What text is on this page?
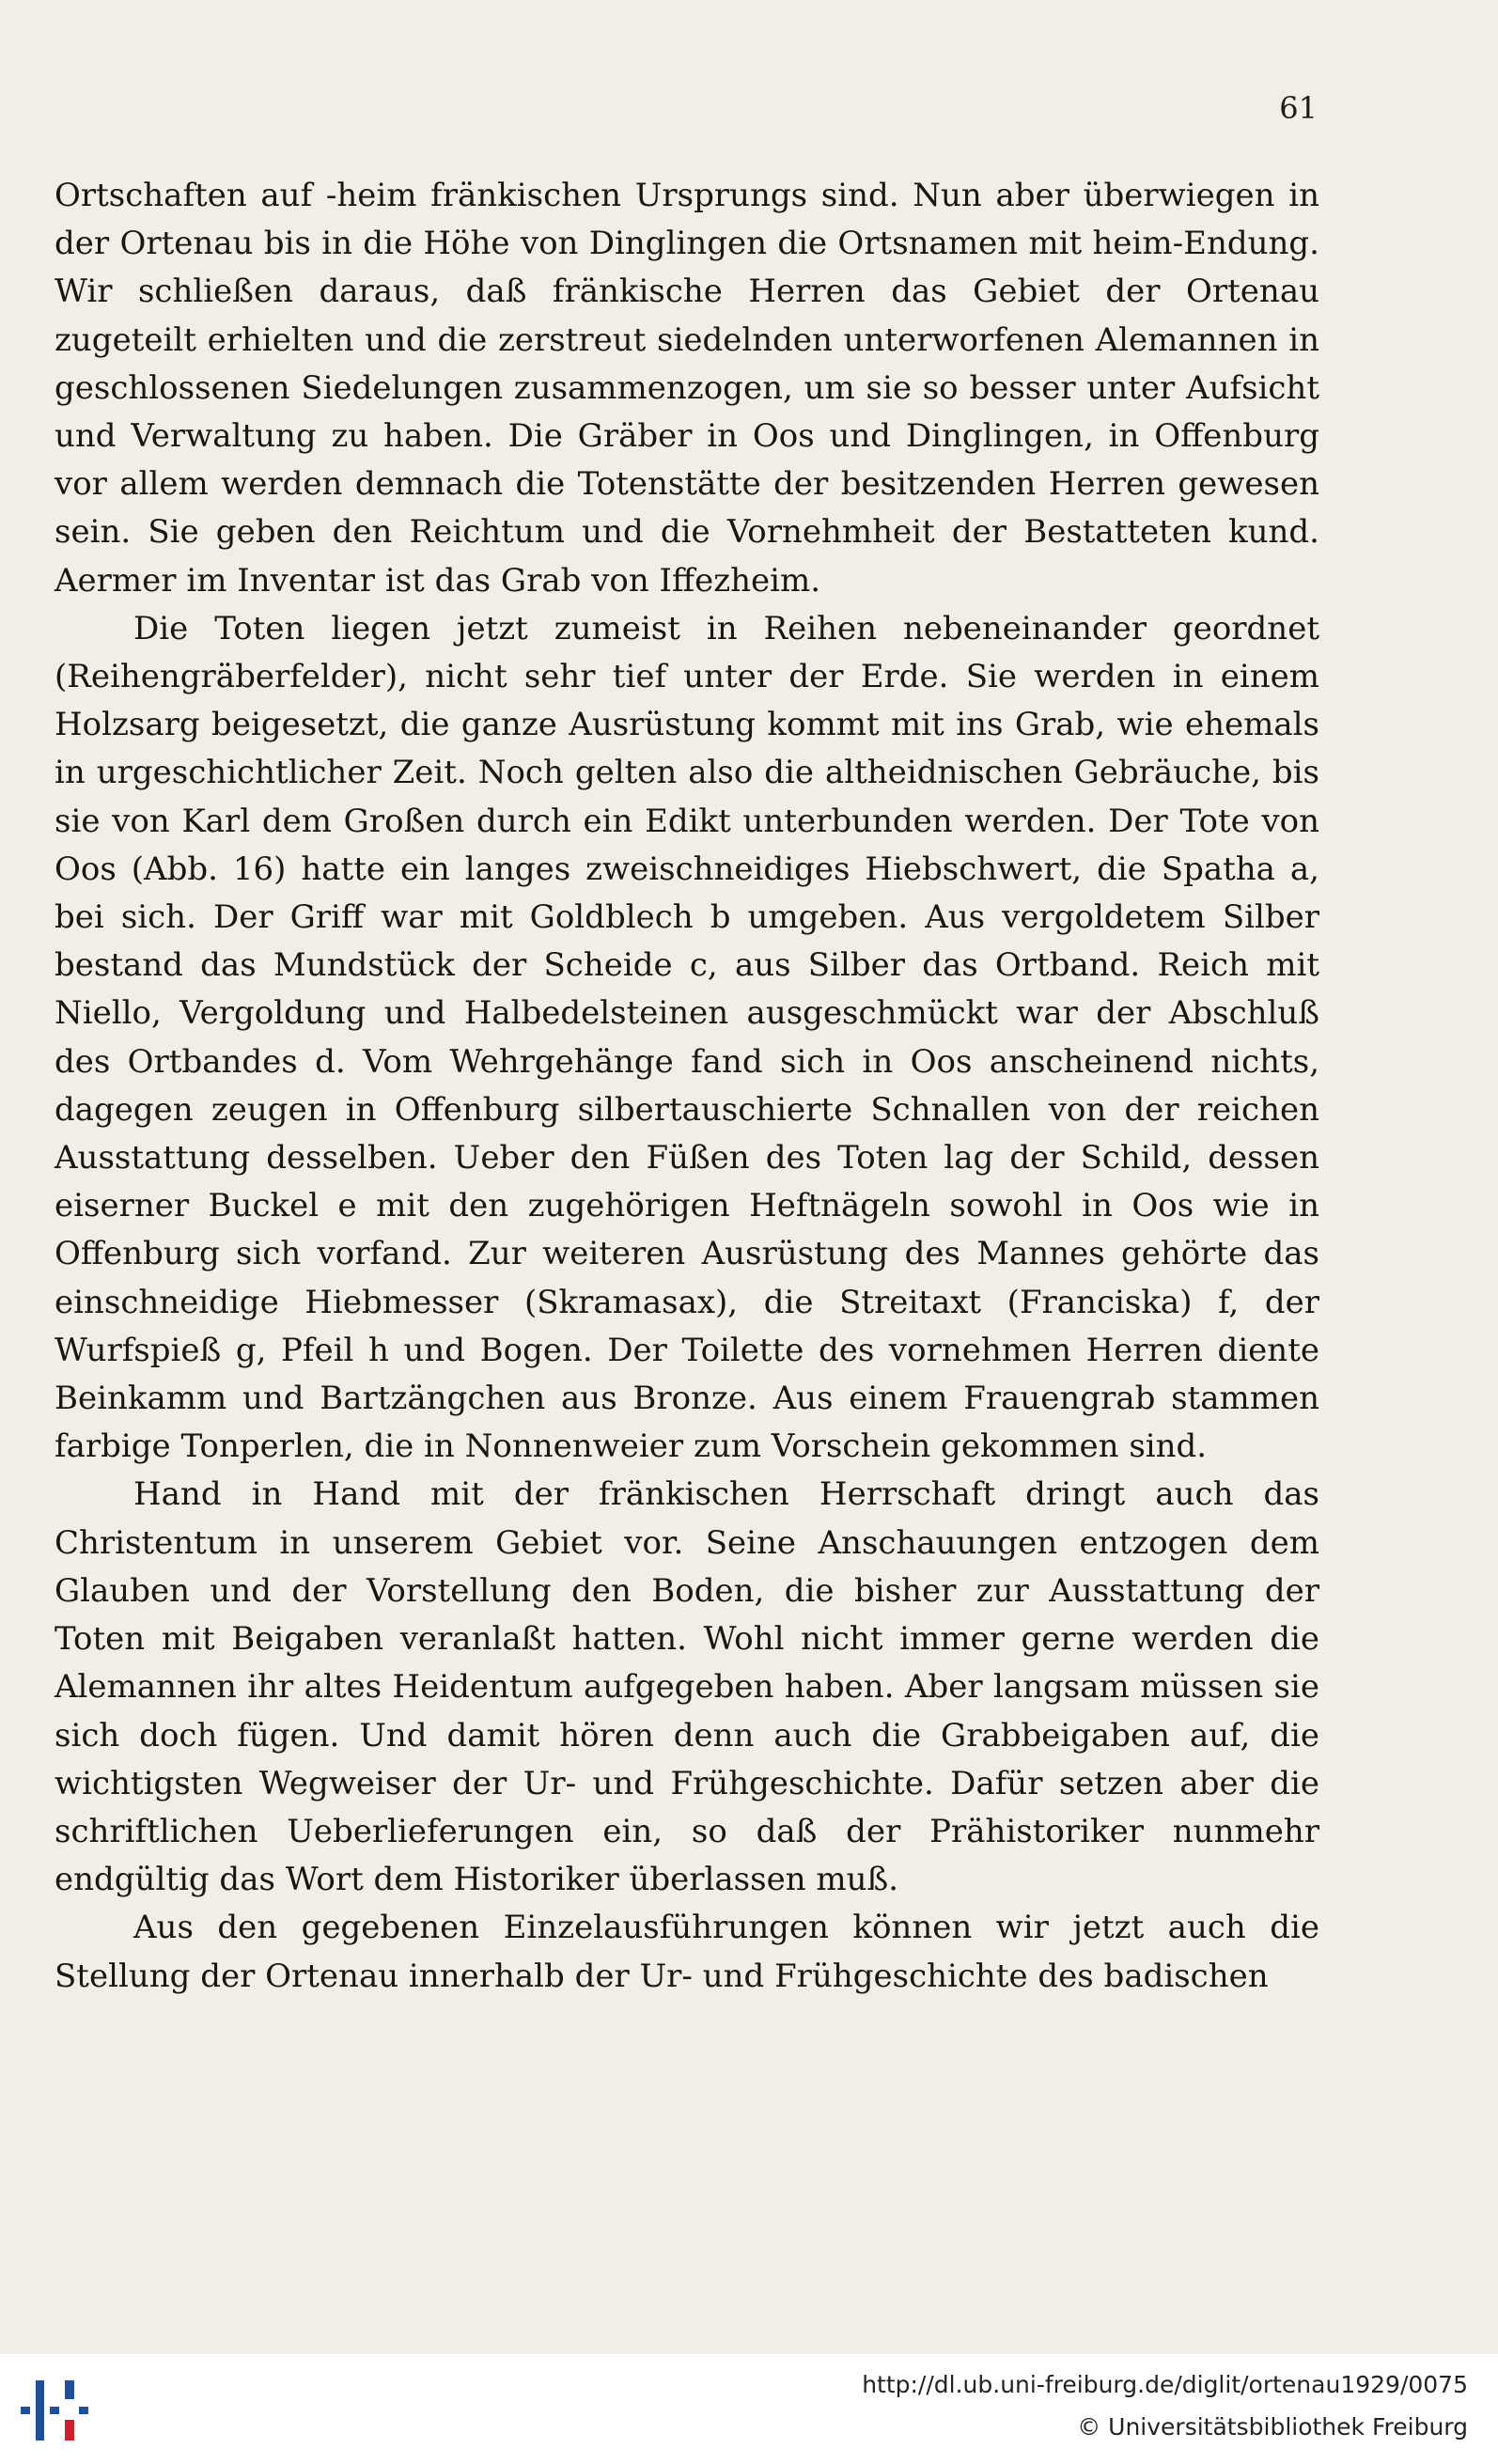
61

Ortschaften auf -heim fränkischen Ursprungs sind. Nun aber überwiegen in der Ortenau bis in die Höhe von Dinglingen die Ortsnamen mit heim-Endung. Wir schließen daraus, daß fränkische Herren das Gebiet der Ortenau zugeteilt erhielten und die zerstreut siedelnden unterworfenen Alemannen in geschlossenen Siedelungen zusammenzogen, um sie so besser unter Aufsicht und Verwaltung zu haben. Die Gräber in Oos und Dinglingen, in Offenburg vor allem werden demnach die Totenstätte der besitzenden Herren gewesen sein. Sie geben den Reichtum und die Vornehmheit der Bestatteten kund. Aermer im Inventar ist das Grab von Iffezheim.

Die Toten liegen jetzt zumeist in Reihen nebeneinander geordnet (Reihengräberfelder), nicht sehr tief unter der Erde. Sie werden in einem Holzsarg beigesetzt, die ganze Ausrüstung kommt mit ins Grab, wie ehemals in urgeschichtlicher Zeit. Noch gelten also die altheidnischen Gebräuche, bis sie von Karl dem Großen durch ein Edikt unterbunden werden. Der Tote von Oos (Abb. 16) hatte ein langes zweischneidiges Hiebschwert, die Spatha a, bei sich. Der Griff war mit Goldblech b umgeben. Aus vergoldetem Silber bestand das Mundstück der Scheide c, aus Silber das Ortband. Reich mit Niello, Vergoldung und Halbedelsteinen ausgeschmückt war der Abschluß des Ortbandes d. Vom Wehrgehänge fand sich in Oos anscheinend nichts, dagegen zeugen in Offenburg silbertauschierte Schnallen von der reichen Ausstattung desselben. Ueber den Füßen des Toten lag der Schild, dessen eiserner Buckel e mit den zugehörigen Heftnägeln sowohl in Oos wie in Offenburg sich vorfand. Zur weiteren Ausrüstung des Mannes gehörte das einschneidige Hiebmesser (Skramasax), die Streitaxt (Franciska) f, der Wurfspieß g, Pfeil h und Bogen. Der Toilette des vornehmen Herren diente Beinkamm und Bartzängchen aus Bronze. Aus einem Frauengrab stammen farbige Tonperlen, die in Nonnenweier zum Vorschein gekommen sind.

Hand in Hand mit der fränkischen Herrschaft dringt auch das Christentum in unserem Gebiet vor. Seine Anschauungen entzogen dem Glauben und der Vorstellung den Boden, die bisher zur Ausstattung der Toten mit Beigaben veranlaßt hatten. Wohl nicht immer gerne werden die Alemannen ihr altes Heidentum aufgegeben haben. Aber langsam müssen sie sich doch fügen. Und damit hören denn auch die Grabbeigaben auf, die wichtigsten Wegweiser der Ur- und Frühgeschichte. Dafür setzen aber die schriftlichen Ueberlieferungen ein, so daß der Prähistoriker nunmehr endgültig das Wort dem Historiker überlassen muß.

Aus den gegebenen Einzelausführungen können wir jetzt auch die Stellung der Ortenau innerhalb der Ur- und Frühgeschichte des badischen

http://dl.ub.uni-freiburg.de/diglit/ortenau1929/0075
© Universitätsbibliothek Freiburg
